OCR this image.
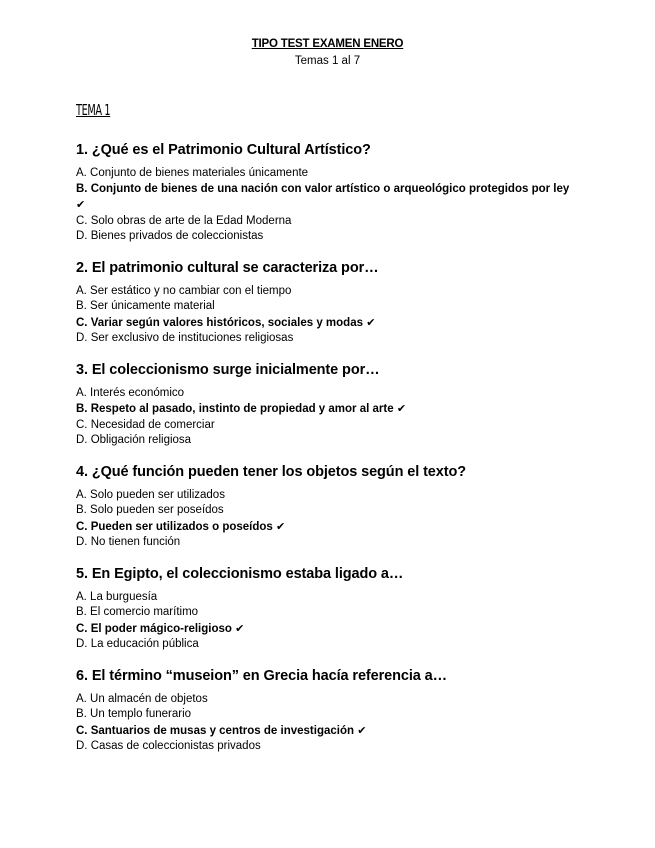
TIPO TEST EXAMEN ENERO
Temas 1 al 7
TEMA 1
1. ¿Qué es el Patrimonio Cultural Artístico?
A. Conjunto de bienes materiales únicamente
B. Conjunto de bienes de una nación con valor artístico o arqueológico protegidos por ley ✔
C. Solo obras de arte de la Edad Moderna
D. Bienes privados de coleccionistas
2. El patrimonio cultural se caracteriza por…
A. Ser estático y no cambiar con el tiempo
B. Ser únicamente material
C. Variar según valores históricos, sociales y modas ✔
D. Ser exclusivo de instituciones religiosas
3. El coleccionismo surge inicialmente por…
A. Interés económico
B. Respeto al pasado, instinto de propiedad y amor al arte ✔
C. Necesidad de comerciar
D. Obligación religiosa
4. ¿Qué función pueden tener los objetos según el texto?
A. Solo pueden ser utilizados
B. Solo pueden ser poseídos
C. Pueden ser utilizados o poseídos ✔
D. No tienen función
5. En Egipto, el coleccionismo estaba ligado a…
A. La burguesía
B. El comercio marítimo
C. El poder mágico-religioso ✔
D. La educación pública
6. El término “museion” en Grecia hacía referencia a…
A. Un almacén de objetos
B. Un templo funerario
C. Santuarios de musas y centros de investigación ✔
D. Casas de coleccionistas privados
